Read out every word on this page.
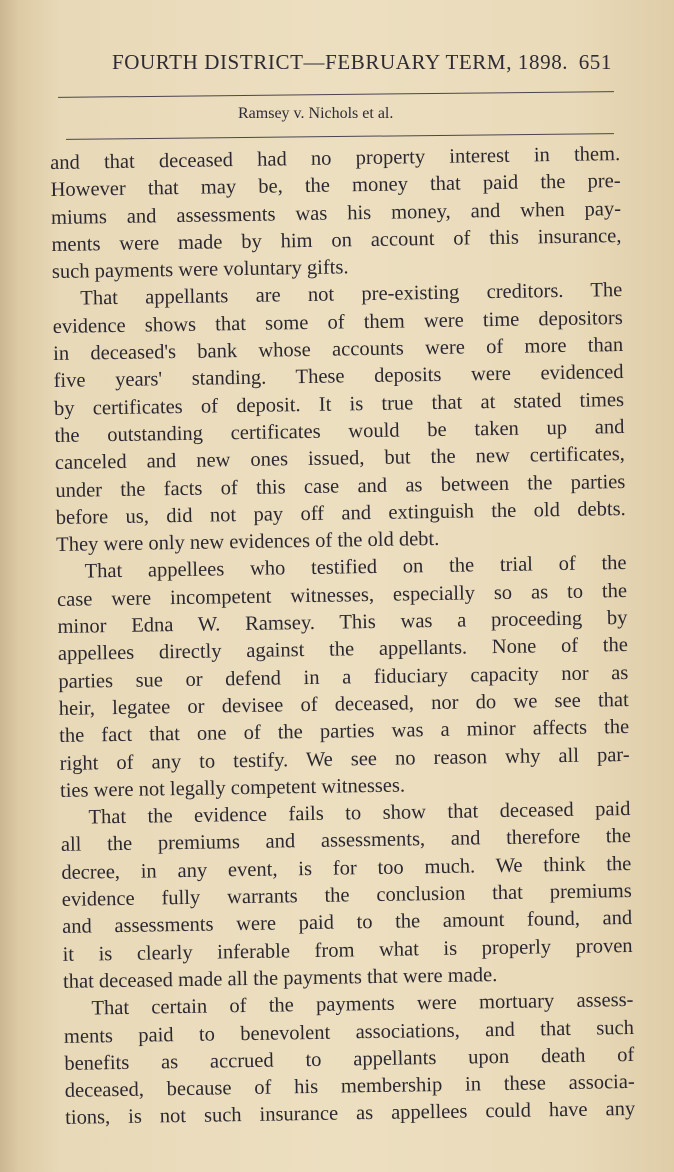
FOURTH DISTRICT—FEBRUARY TERM, 1898. 651
Ramsey v. Nichols et al.
and that deceased had no property interest in them.
However that may be, the money that paid the pre-
miums and assessments was his money, and when pay-
ments were made by him on account of this insurance,
such payments were voluntary gifts.
That appellants are not pre-existing creditors. The
evidence shows that some of them were time depositors
in deceased's bank whose accounts were of more than
five years' standing. These deposits were evidenced
by certificates of deposit. It is true that at stated times
the outstanding certificates would be taken up and
canceled and new ones issued, but the new certificates,
under the facts of this case and as between the parties
before us, did not pay off and extinguish the old debts.
They were only new evidences of the old debt.
That appellees who testified on the trial of the
case were incompetent witnesses, especially so as to the
minor Edna W. Ramsey. This was a proceeding by
appellees directly against the appellants. None of the
parties sue or defend in a fiduciary capacity nor as
heir, legatee or devisee of deceased, nor do we see that
the fact that one of the parties was a minor affects the
right of any to testify. We see no reason why all par-
ties were not legally competent witnesses.
That the evidence fails to show that deceased paid
all the premiums and assessments, and therefore the
decree, in any event, is for too much. We think the
evidence fully warrants the conclusion that premiums
and assessments were paid to the amount found, and
it is clearly inferable from what is properly proven
that deceased made all the payments that were made.
That certain of the payments were mortuary assess-
ments paid to benevolent associations, and that such
benefits as accrued to appellants upon death of
deceased, because of his membership in these associa-
tions, is not such insurance as appellees could have any
